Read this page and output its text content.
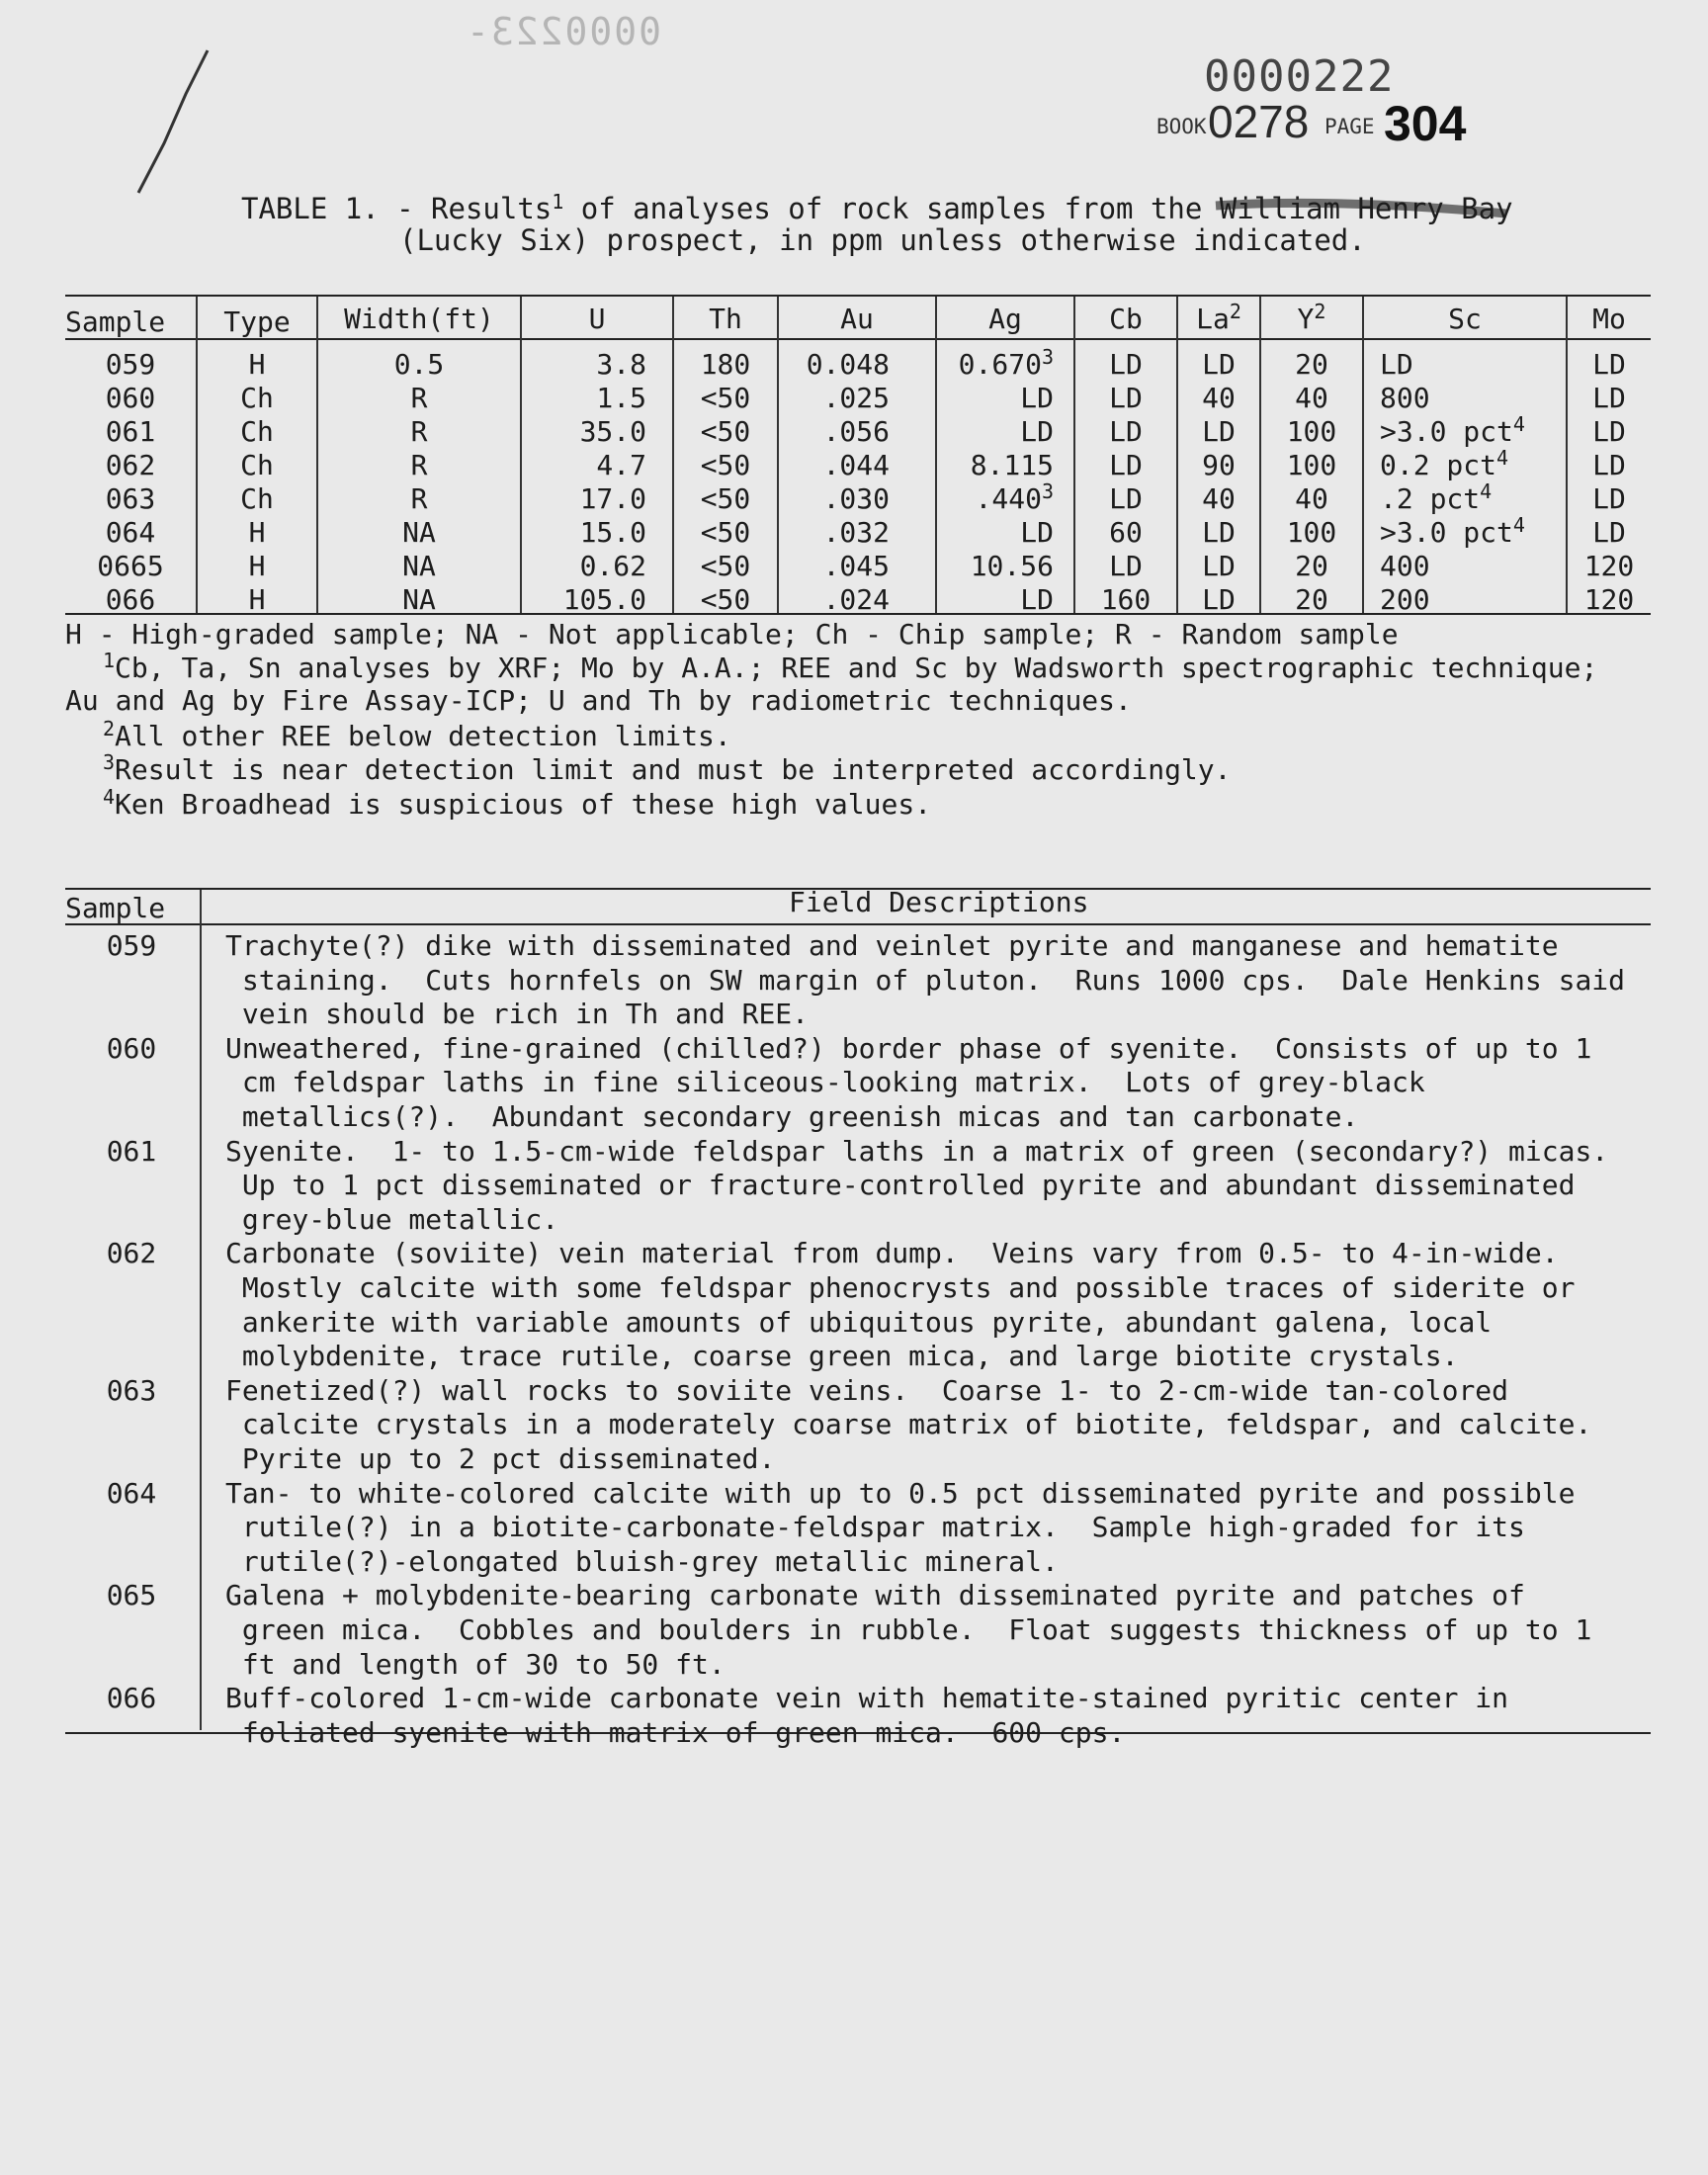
0000223-
0000222
BOOK 0278 PAGE 304
TABLE 1. - Results$^1$ of analyses of rock samples from the William Henry Bay
(Lucky Six) prospect, in ppm unless otherwise indicated.
Sample	Type	Width(ft)	U	Th	Au	Ag	Cb	La$^2$	$Y^2$	Sc	Mo
059	H	0.5	3.8	180	0.048	0.670$^3$	LD	LD	20	LD	LD
060	Ch	R	1.5	<50	.025	LD	LD	40	40	800	LD
061	Ch	R	35.0	<50	.056	LD	LD	LD	100	>3.0 pct$^4$	LD
062	Ch	R	4.7	<50	.044	8.115	LD	90	100	0.2 pct$^4$	LD
063	Ch	R	17.0	<50	.030	.440$^3$	LD	40	40	.2 pct$^4$	LD
064	H	NA	15.0	<50	.032	LD	60	LD	100	>3.0 pct$^4$	LD
0665	H	NA	0.62	<50	.045	10.56	LD	LD	20	400	120
066	H	NA	105.0	<50	.024	LD	160	LD	20	200	120
H - High-graded sample; NA - Not applicable; Ch - Chip sample; R - Random sample
$^1$Cb, Ta, Sn analyses by XRF; Mo by A.A.; REE and Sc by Wadsworth spectrographic technique;
Au and Ag by Fire Assay-ICP; U and Th by radiometric techniques.
$^2$All other REE below detection limits.
$^3$Result is near detection limit and must be interpreted accordingly.
$^4$Ken Broadhead is suspicious of these high values.
Sample	Field Descriptions
059	Trachyte(?) dike with disseminated and veinlet pyrite and manganese and hematite
staining.  Cuts hornfels on SW margin of pluton.  Runs 1000 cps.  Dale Henkins said
vein should be rich in Th and REE.
060	Unweathered, fine-grained (chilled?) border phase of syenite.  Consists of up to 1
cm feldspar laths in fine siliceous-looking matrix.  Lots of grey-black
metallics(?).  Abundant secondary greenish micas and tan carbonate.
061	Syenite.  1- to 1.5-cm-wide feldspar laths in a matrix of green (secondary?) micas.
Up to 1 pct disseminated or fracture-controlled pyrite and abundant disseminated
grey-blue metallic.
062	Carbonate (soviite) vein material from dump.  Veins vary from 0.5- to 4-in-wide.
Mostly calcite with some feldspar phenocrysts and possible traces of siderite or
ankerite with variable amounts of ubiquitous pyrite, abundant galena, local
molybdenite, trace rutile, coarse green mica, and large biotite crystals.
063	Fenetized(?) wall rocks to soviite veins.  Coarse 1- to 2-cm-wide tan-colored
calcite crystals in a moderately coarse matrix of biotite, feldspar, and calcite.
Pyrite up to 2 pct disseminated.
064	Tan- to white-colored calcite with up to 0.5 pct disseminated pyrite and possible
rutile(?) in a biotite-carbonate-feldspar matrix.  Sample high-graded for its
rutile(?)-elongated bluish-grey metallic mineral.
065	Galena + molybdenite-bearing carbonate with disseminated pyrite and patches of
green mica.  Cobbles and boulders in rubble.  Float suggests thickness of up to 1
ft and length of 30 to 50 ft.
066	Buff-colored 1-cm-wide carbonate vein with hematite-stained pyritic center in
foliated syenite with matrix of green mica.  600 cps.
